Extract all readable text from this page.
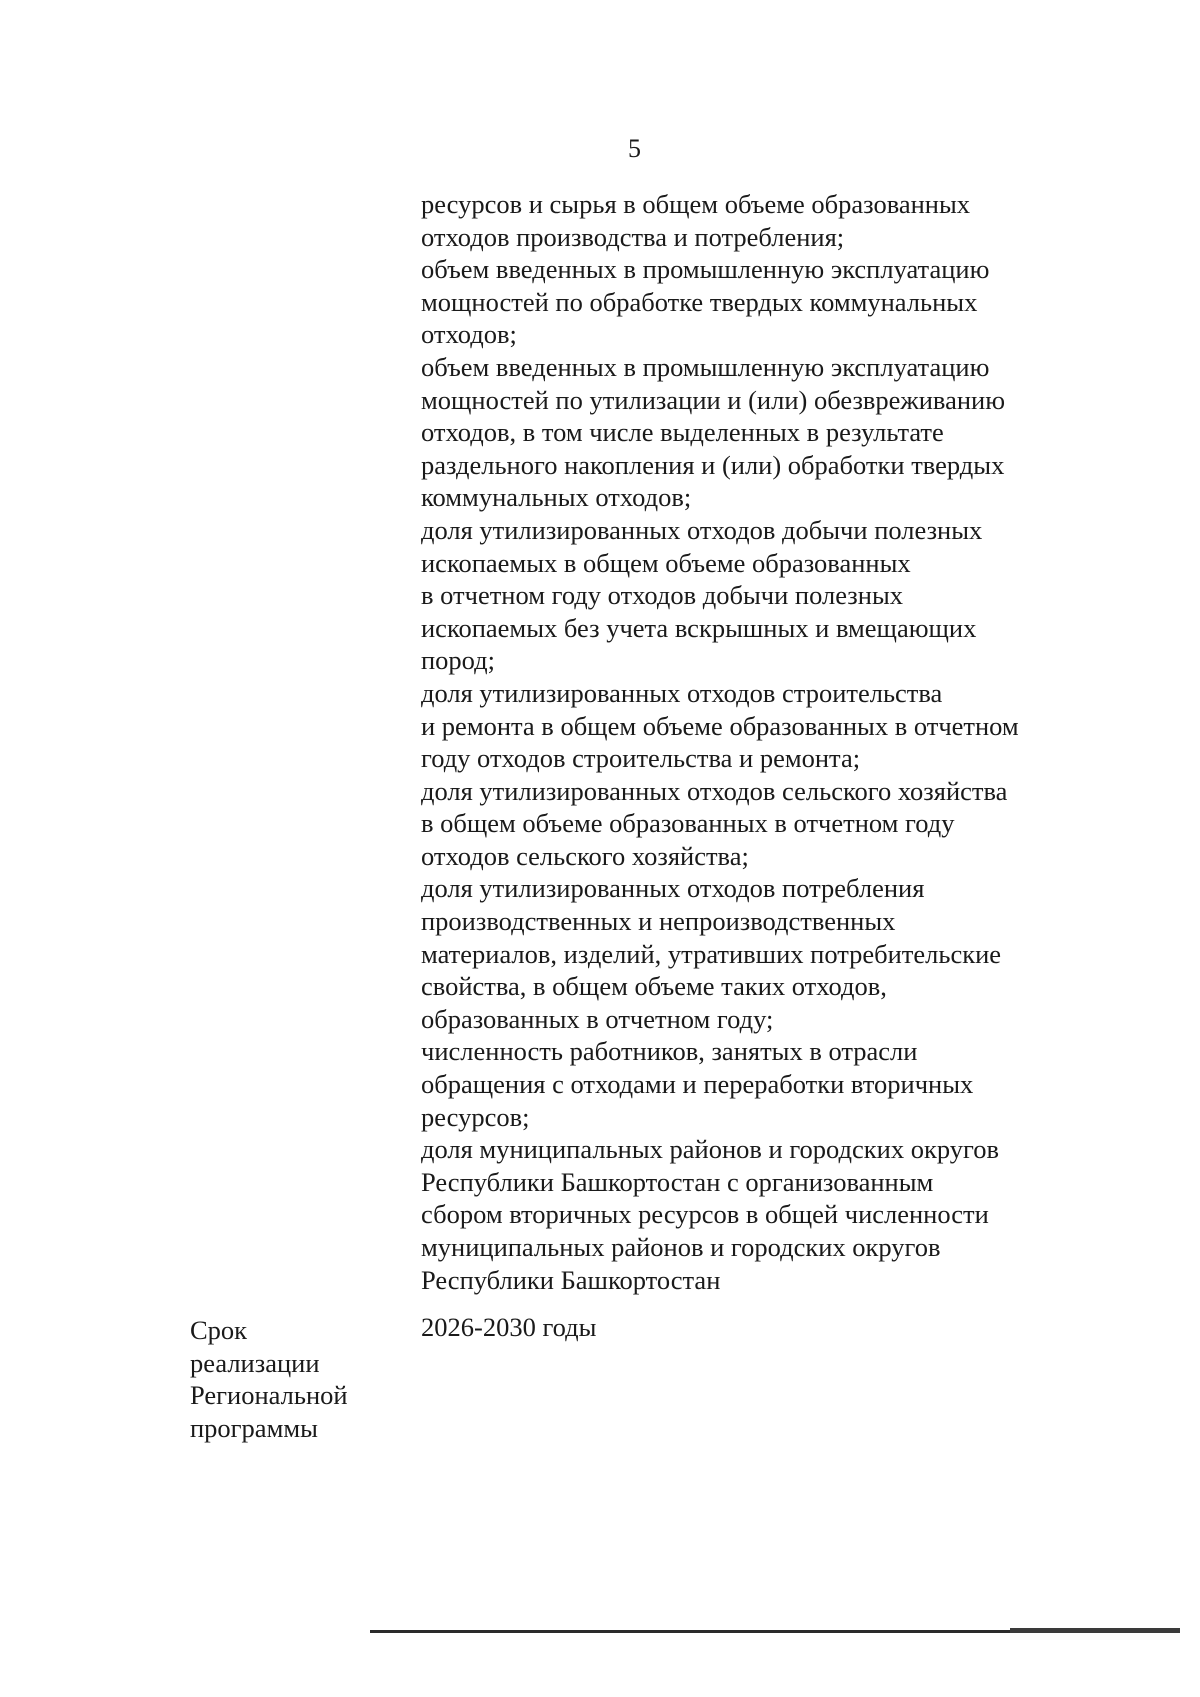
5
ресурсов и сырья в общем объеме образованных
отходов производства и потребления;
объем введенных в промышленную эксплуатацию
мощностей по обработке твердых коммунальных
отходов;
объем введенных в промышленную эксплуатацию
мощностей по утилизации и (или) обезвреживанию
отходов, в том числе выделенных в результате
раздельного накопления и (или) обработки твердых
коммунальных отходов;
доля утилизированных отходов добычи полезных
ископаемых в общем объеме образованных
в отчетном году отходов добычи полезных
ископаемых без учета вскрышных и вмещающих
пород;
доля утилизированных отходов строительства
и ремонта в общем объеме образованных в отчетном
году отходов строительства и ремонта;
доля утилизированных отходов сельского хозяйства
в общем объеме образованных в отчетном году
отходов сельского хозяйства;
доля утилизированных отходов потребления
производственных и непроизводственных
материалов, изделий, утративших потребительские
свойства, в общем объеме таких отходов,
образованных в отчетном году;
численность работников, занятых в отрасли
обращения с отходами и переработки вторичных
ресурсов;
доля муниципальных районов и городских округов
Республики Башкортостан с организованным
сбором вторичных ресурсов в общей численности
муниципальных районов и городских округов
Республики Башкортостан
Срок
реализации
Региональной
программы
2026-2030 годы
